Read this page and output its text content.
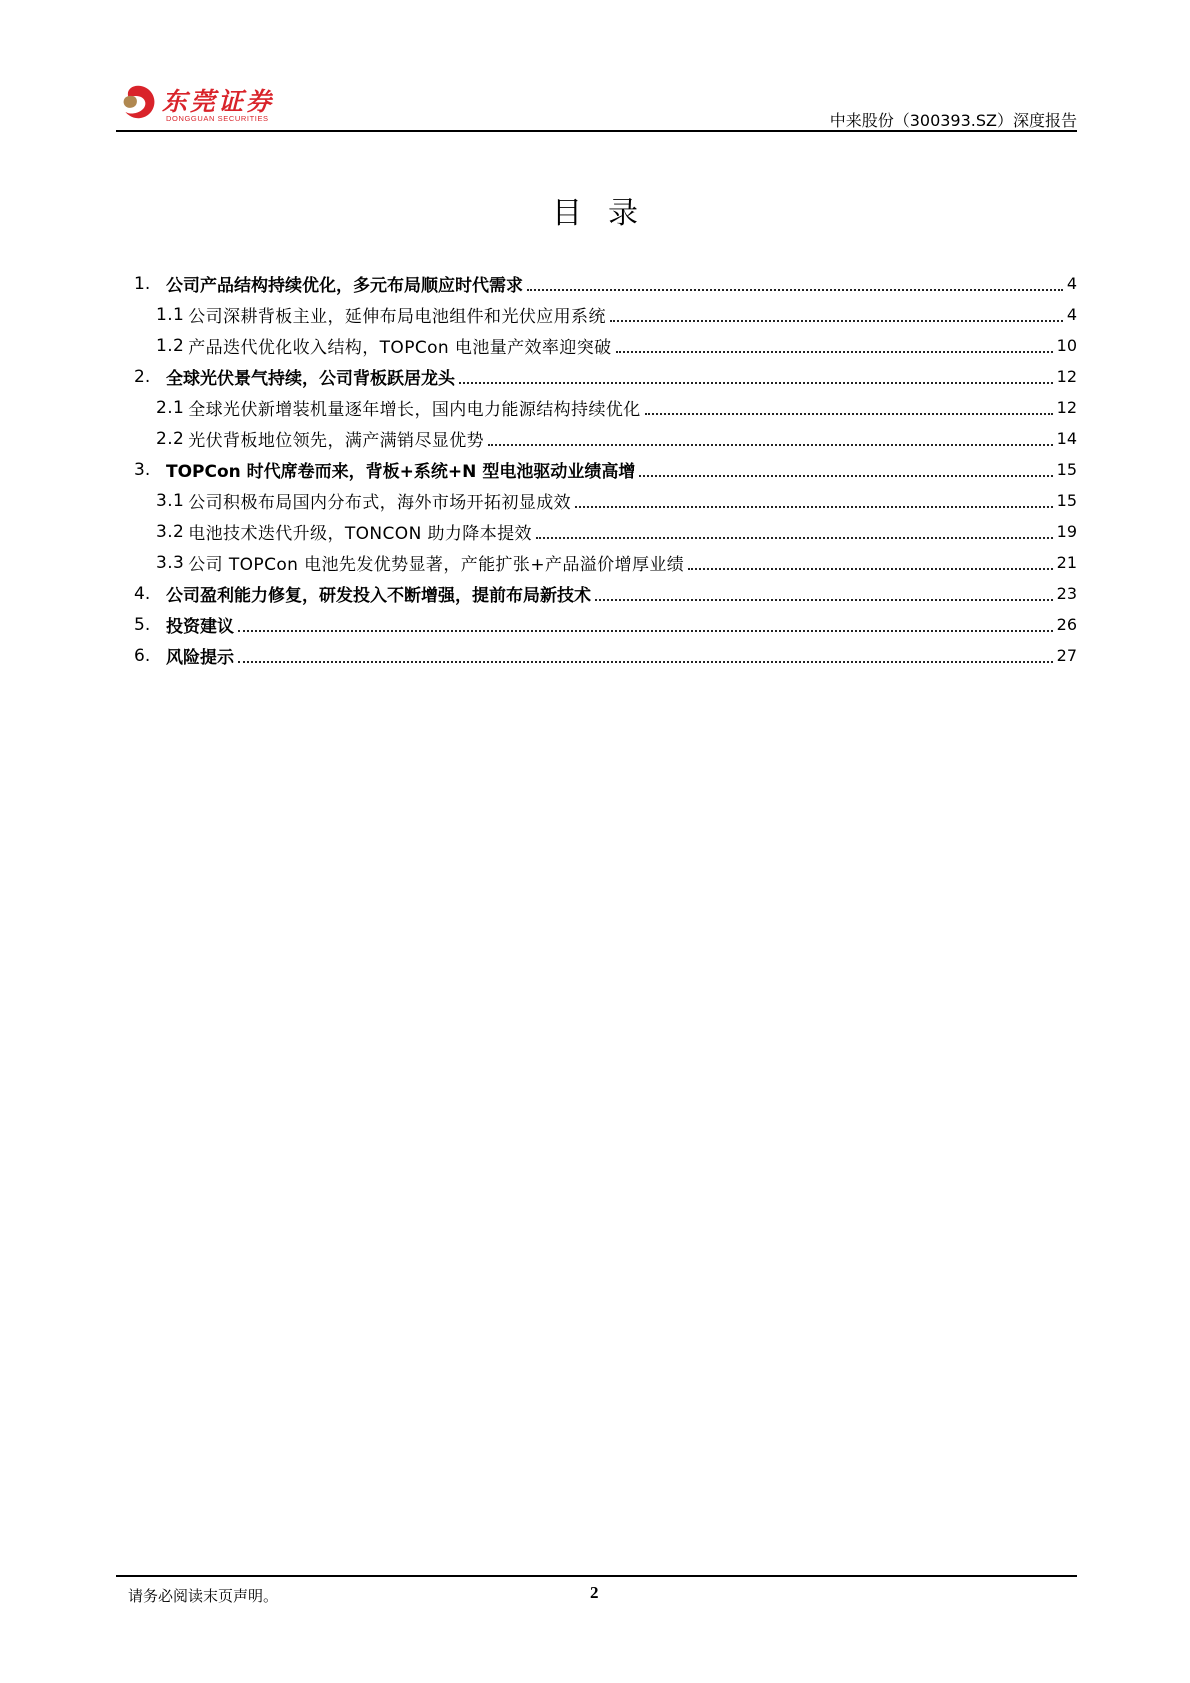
东莞证券
DONGGUAN SECURITIES	中来股份（300393.SZ）深度报告
目录
1. 公司产品结构持续优化，多元布局顺应时代需求	4
1.1 公司深耕背板主业，延伸布局电池组件和光伏应用系统	4
1.2 产品迭代优化收入结构，TOPCon 电池量产效率迎突破	10
2. 全球光伏景气持续，公司背板跃居龙头	12
2.1 全球光伏新增装机量逐年增长，国内电力能源结构持续优化	12
2.2 光伏背板地位领先，满产满销尽显优势	14
3. TOPCon 时代席卷而来，背板+系统+N 型电池驱动业绩高增	15
3.1 公司积极布局国内分布式，海外市场开拓初显成效	15
3.2 电池技术迭代升级，TONCON 助力降本提效	19
3.3 公司 TOPCon 电池先发优势显著，产能扩张+产品溢价增厚业绩	21
4. 公司盈利能力修复，研发投入不断增强，提前布局新技术	23
5. 投资建议	26
6. 风险提示	27
请务必阅读末页声明。	2
